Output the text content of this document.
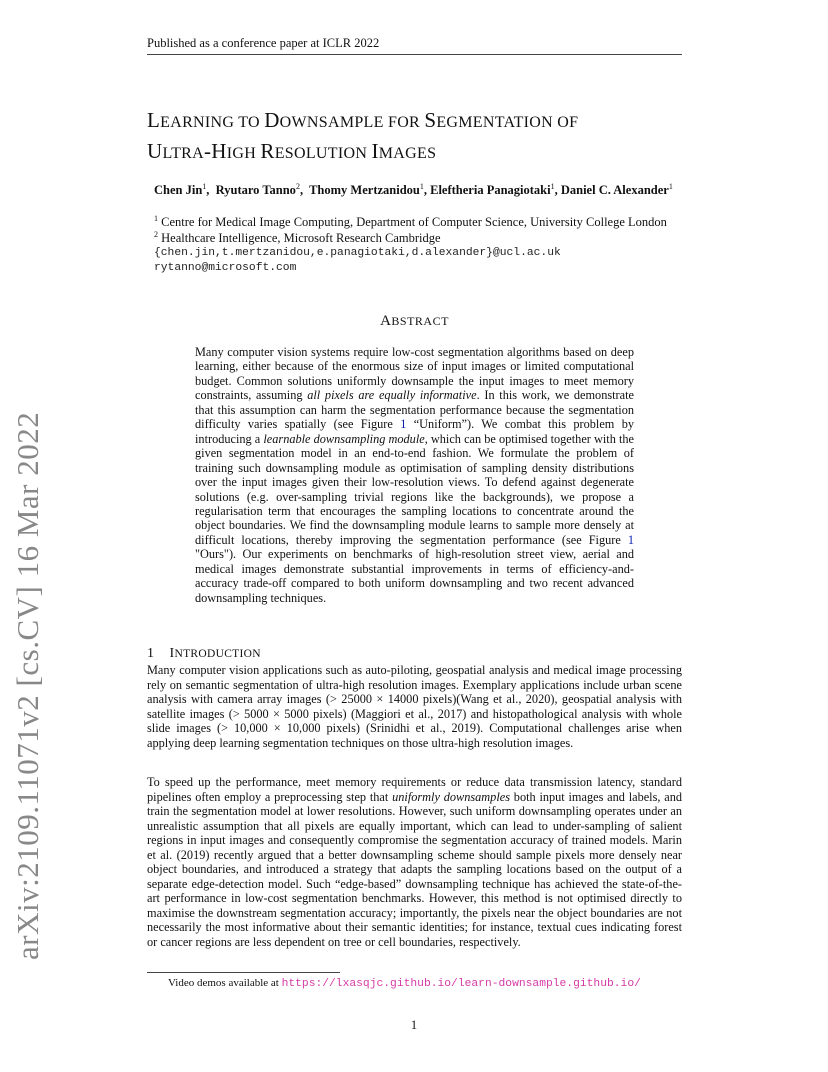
Published as a conference paper at ICLR 2022
LEARNING TO DOWNSAMPLE FOR SEGMENTATION OF
ULTRA-HIGH RESOLUTION IMAGES
Chen Jin$^1$,  Ryutaro Tanno$^2$,  Thomy Mertzanidou$^1$, Eleftheria Panagiotaki$^1$, Daniel C. Alexander$^1$
$^1$ Centre for Medical Image Computing, Department of Computer Science, University College London
$^2$ Healthcare Intelligence, Microsoft Research Cambridge
{chen.jin,t.mertzanidou,e.panagiotaki,d.alexander}@ucl.ac.uk
rytanno@microsoft.com
arXiv:2109.11071v2 [cs.CV] 16 Mar 2022
ABSTRACT
Many computer vision systems require low-cost segmentation algorithms based on deep learning, either because of the enormous size of input images or limited computational budget. Common solutions uniformly downsample the input images to meet memory constraints, assuming all pixels are equally informative. In this work, we demonstrate that this assumption can harm the segmentation performance because the segmentation difficulty varies spatially (see Figure 1 “Uniform”). We combat this problem by introducing a learnable downsampling module, which can be optimised together with the given segmentation model in an end-to-end fashion. We formulate the problem of training such downsampling module as optimisation of sampling density distributions over the input images given their low-resolution views. To defend against degenerate solutions (e.g. over-sampling trivial regions like the backgrounds), we propose a regularisation term that encourages the sampling locations to concentrate around the object boundaries. We find the downsampling module learns to sample more densely at difficult locations, thereby improving the segmentation performance (see Figure 1 "Ours"). Our experiments on benchmarks of high-resolution street view, aerial and medical images demonstrate substantial improvements in terms of efficiency-and-accuracy trade-off compared to both uniform downsampling and two recent advanced downsampling techniques.
1 INTRODUCTION
Many computer vision applications such as auto-piloting, geospatial analysis and medical image processing rely on semantic segmentation of ultra-high resolution images. Exemplary applications include urban scene analysis with camera array images (> 25000 × 14000 pixels)(Wang et al., 2020), geospatial analysis with satellite images (> 5000 × 5000 pixels) (Maggiori et al., 2017) and histopathological analysis with whole slide images (> 10,000 × 10,000 pixels) (Srinidhi et al., 2019). Computational challenges arise when applying deep learning segmentation techniques on those ultra-high resolution images.
To speed up the performance, meet memory requirements or reduce data transmission latency, standard pipelines often employ a preprocessing step that uniformly downsamples both input images and labels, and train the segmentation model at lower resolutions. However, such uniform downsampling operates under an unrealistic assumption that all pixels are equally important, which can lead to under-sampling of salient regions in input images and consequently compromise the segmentation accuracy of trained models. Marin et al. (2019) recently argued that a better downsampling scheme should sample pixels more densely near object boundaries, and introduced a strategy that adapts the sampling locations based on the output of a separate edge-detection model. Such “edge-based” downsampling technique has achieved the state-of-the-art performance in low-cost segmentation benchmarks. However, this method is not optimised directly to maximise the downstream segmentation accuracy; importantly, the pixels near the object boundaries are not necessarily the most informative about their semantic identities; for instance, textual cues indicating forest or cancer regions are less dependent on tree or cell boundaries, respectively.
Video demos available at https://lxasqjc.github.io/learn-downsample.github.io/
1
